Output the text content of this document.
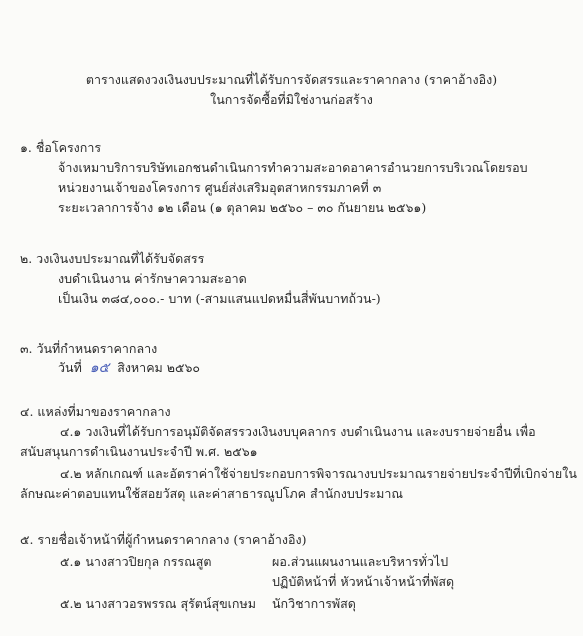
ตารางแสดงวงเงินงบประมาณที่ได้รับการจัดสรรและราคากลาง (ราคาอ้างอิง)
ในการจัดซื้อที่มิใช่งานก่อสร้าง
๑. ชื่อโครงการ
จ้างเหมาบริการบริษัทเอกชนดำเนินการทำความสะอาดอาคารอำนวยการบริเวณโดยรอบ
หน่วยงานเจ้าของโครงการ ศูนย์ส่งเสริมอุตสาหกรรมภาคที่ ๓
ระยะเวลาการจ้าง ๑๒ เดือน (๑ ตุลาคม ๒๕๖๐ – ๓๐ กันยายน ๒๕๖๑)
๒. วงเงินงบประมาณที่ได้รับจัดสรร
งบดำเนินงาน ค่ารักษาความสะอาด
เป็นเงิน ๓๘๔,๐๐๐.- บาท (-สามแสนแปดหมื่นสี่พันบาทถ้วน-)
๓. วันที่กำหนดราคากลาง
วันที่ ๑๕ สิงหาคม ๒๕๖๐
๔. แหล่งที่มาของราคากลาง
๔.๑ วงเงินที่ได้รับการอนุมัติจัดสรรวงเงินงบบุคลากร งบดำเนินงาน และงบรายจ่ายอื่น เพื่อ
สนับสนุนการดำเนินงานประจำปี พ.ศ. ๒๕๖๑
๔.๒ หลักเกณฑ์ และอัตราค่าใช้จ่ายประกอบการพิจารณางบประมาณรายจ่ายประจำปีที่เบิกจ่ายใน
ลักษณะค่าตอบแทนใช้สอยวัสดุ และค่าสาธารณูปโภค สำนักงบประมาณ
๕. รายชื่อเจ้าหน้าที่ผู้กำหนดราคากลาง (ราคาอ้างอิง)
๕.๑ นางสาวปิยกุล กรรณสูต	ผอ.ส่วนแผนงานและบริหารทั่วไป
ปฏิบัติหน้าที่ หัวหน้าเจ้าหน้าที่พัสดุ
๕.๒ นางสาวอรพรรณ สุรัตน์สุขเกษม นักวิชาการพัสดุ
